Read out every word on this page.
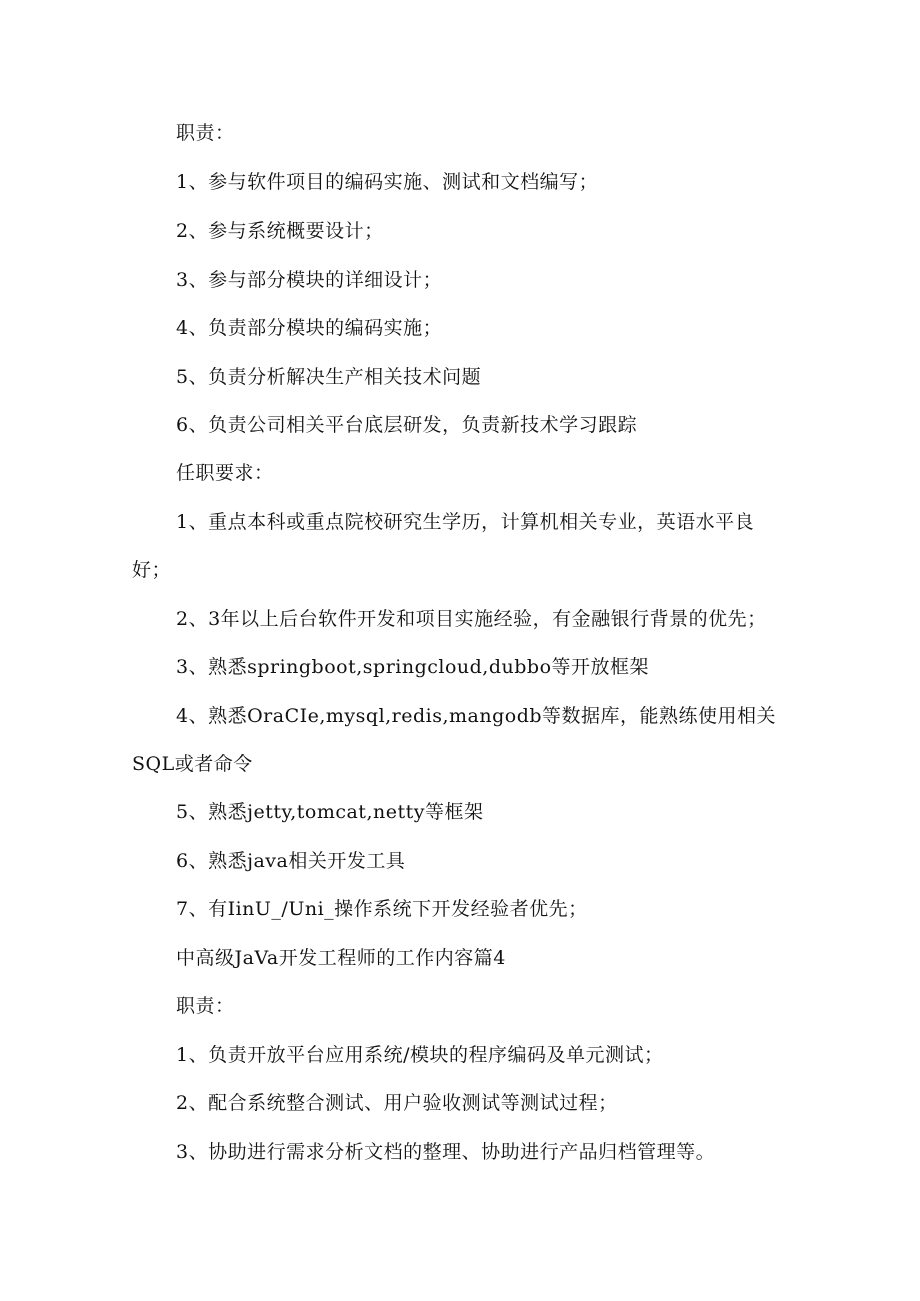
职责：
1、参与软件项目的编码实施、测试和文档编写；
2、参与系统概要设计；
3、参与部分模块的详细设计；
4、负责部分模块的编码实施；
5、负责分析解决生产相关技术问题
6、负责公司相关平台底层研发，负责新技术学习跟踪
任职要求：
1、重点本科或重点院校研究生学历，计算机相关专业，英语水平良
好；
2、3年以上后台软件开发和项目实施经验，有金融银行背景的优先；
3、熟悉springboot,springcloud,dubbo等开放框架
4、熟悉OraCIe,mysql,redis,mangodb等数据库，能熟练使用相关
SQL或者命令
5、熟悉jetty,tomcat,netty等框架
6、熟悉java相关开发工具
7、有IinU_/Uni_操作系统下开发经验者优先；
中高级JaVa开发工程师的工作内容篇4
职责：
1、负责开放平台应用系统/模块的程序编码及单元测试；
2、配合系统整合测试、用户验收测试等测试过程；
3、协助进行需求分析文档的整理、协助进行产品归档管理等。
